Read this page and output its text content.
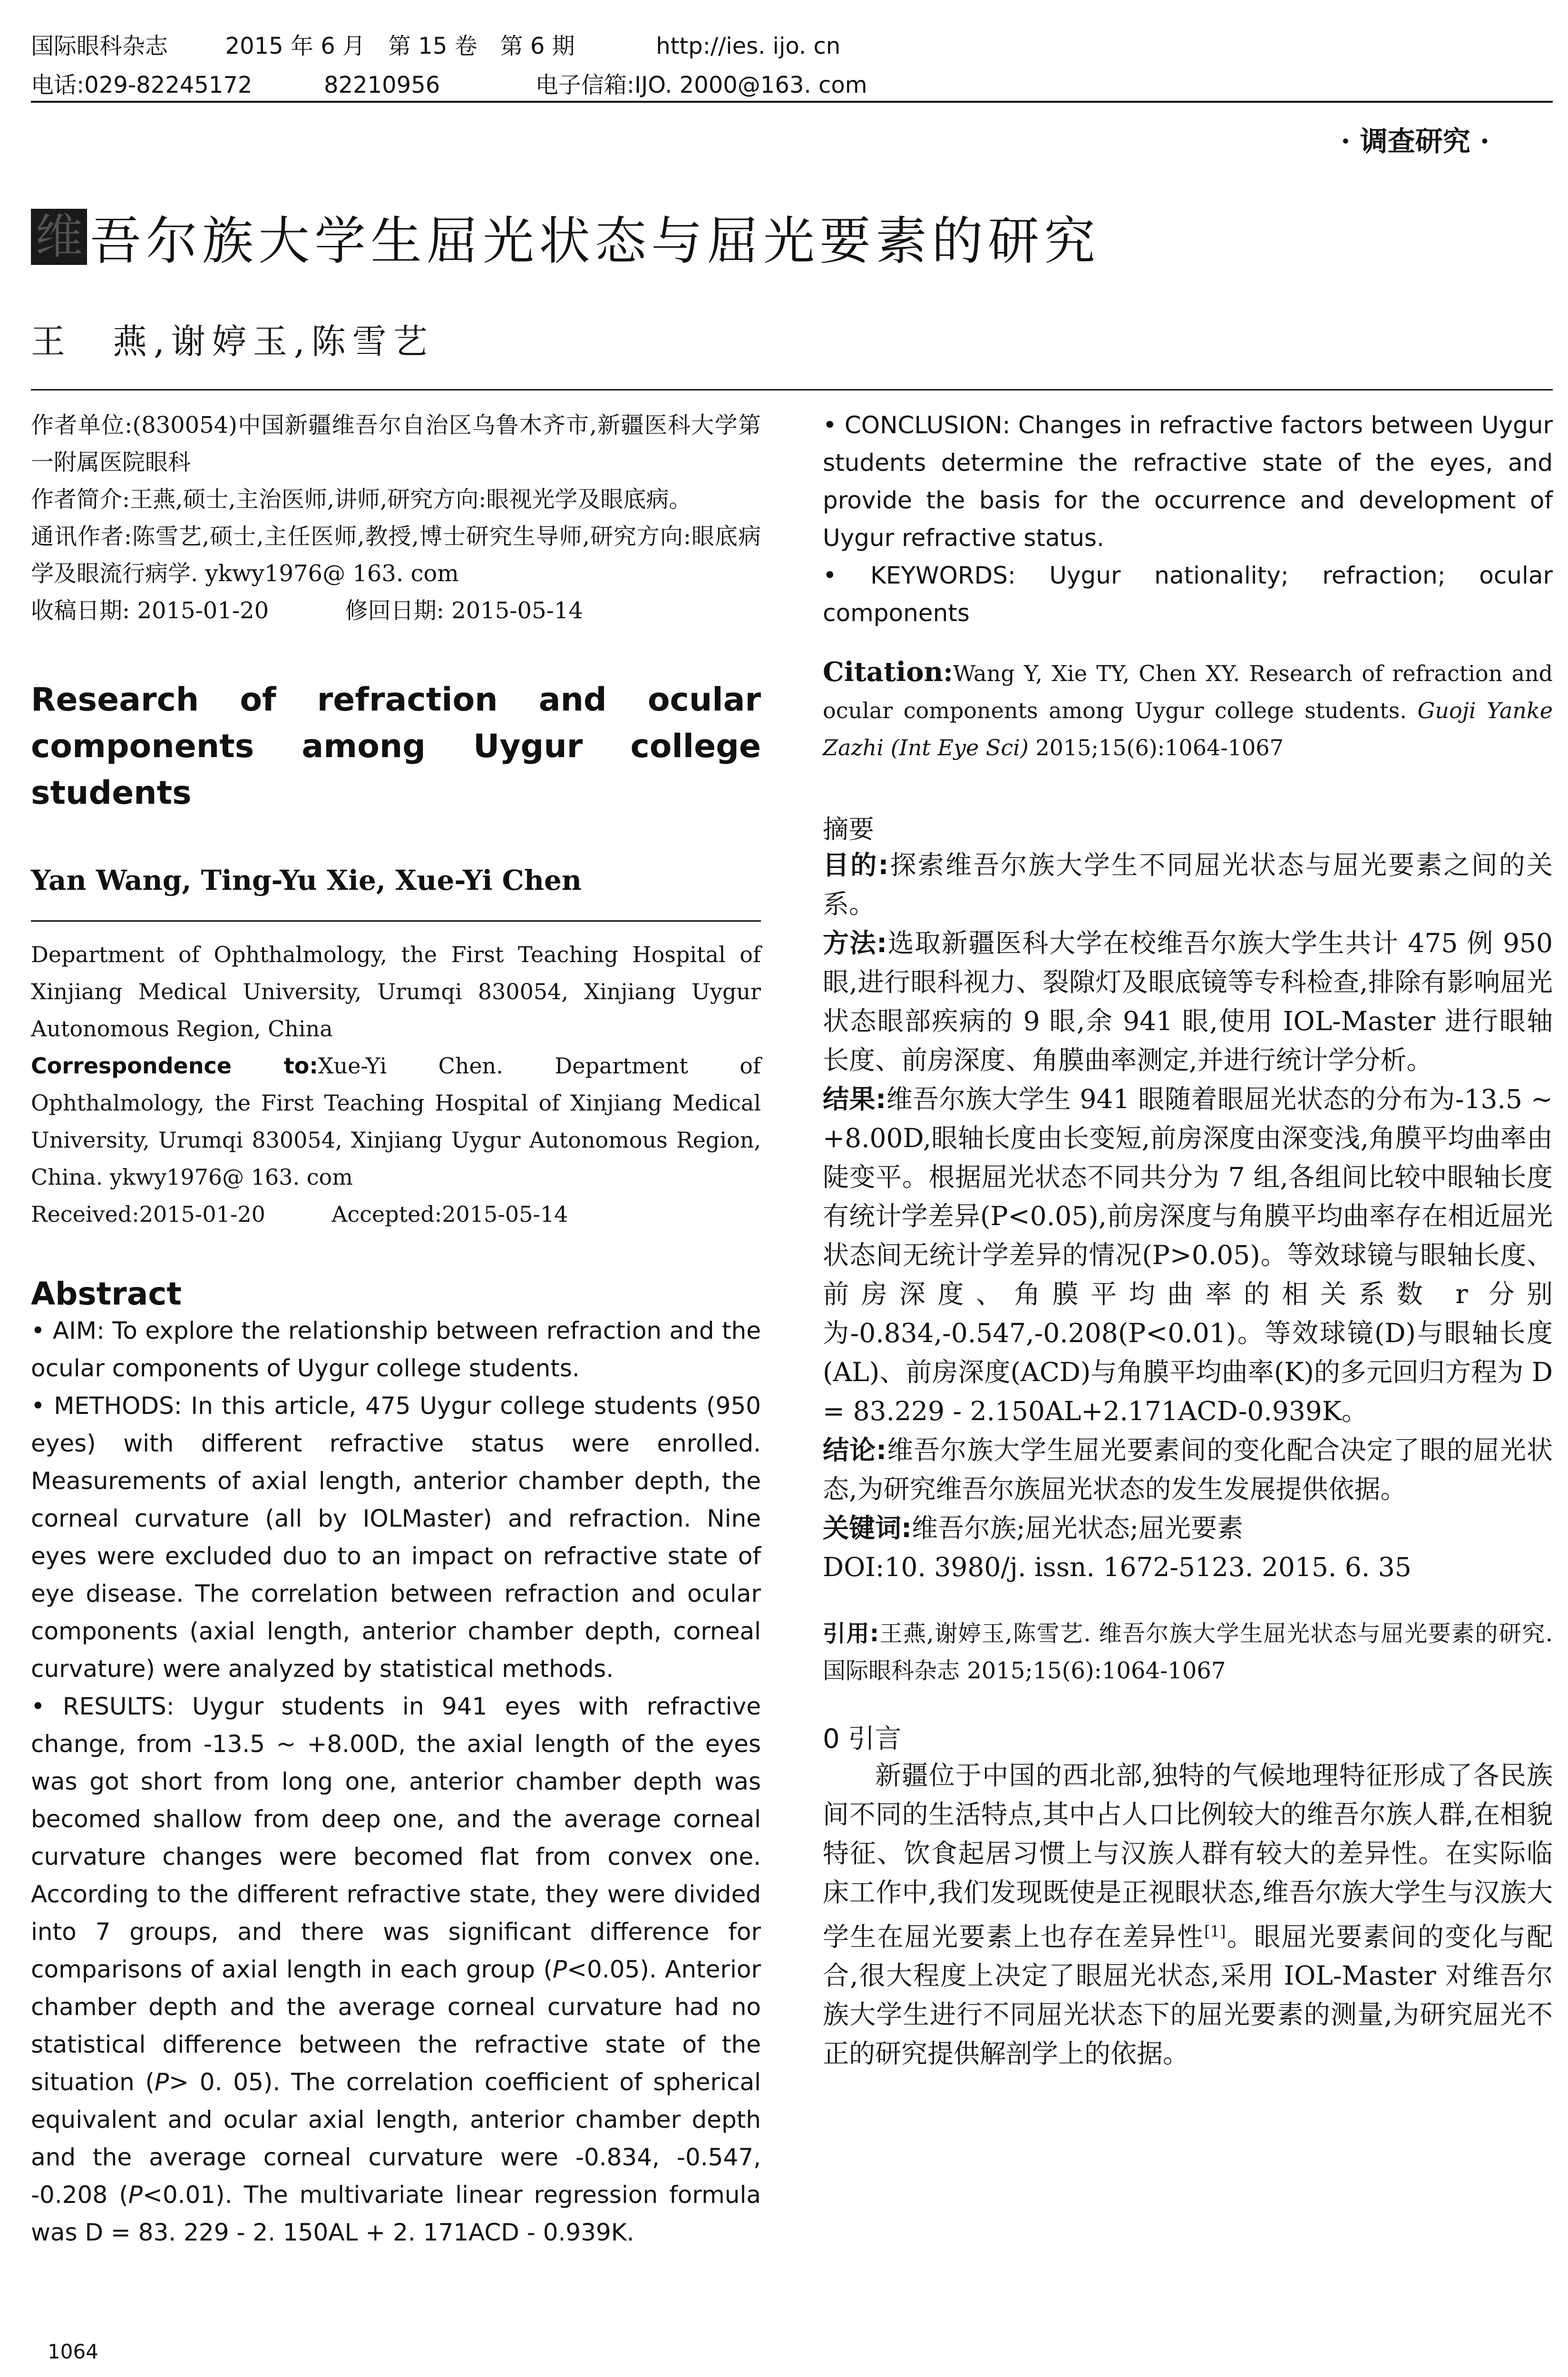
国际眼科杂志	2015 年 6 月　第 15 卷　第 6 期	http://ies. ijo. cn
电话:029-82245172	82210956	电子信箱:IJO. 2000@163. com
· 调查研究 ·
维 吾尔族大学生屈光状态与屈光要素的研究
王　燕,谢婷玉,陈雪艺

作者单位:(830054)中国新疆维吾尔自治区乌鲁木齐市,新疆医科大学第一附属医院眼科

作者简介:王燕,硕士,主治医师,讲师,研究方向:眼视光学及眼底病。

通讯作者:陈雪艺,硕士,主任医师,教授,博士研究生导师,研究方向:眼底病学及眼流行病学. ykwy1976@ 163. com

收稿日期: 2015-01-20	修回日期: 2015-05-14

Research of refraction and ocular components among Uygur college students

Yan Wang, Ting-Yu Xie, Xue-Yi Chen

Department of Ophthalmology, the First Teaching Hospital of Xinjiang Medical University, Urumqi 830054, Xinjiang Uygur Autonomous Region, China

Correspondence to:Xue-Yi Chen. Department of Ophthalmology, the First Teaching Hospital of Xinjiang Medical University, Urumqi 830054, Xinjiang Uygur Autonomous Region, China. ykwy1976@ 163. com

Received:2015-01-20	Accepted:2015-05-14

Abstract

• AIM: To explore the relationship between refraction and the ocular components of Uygur college students.

• METHODS: In this article, 475 Uygur college students (950 eyes) with different refractive status were enrolled. Measurements of axial length, anterior chamber depth, the corneal curvature (all by IOLMaster) and refraction. Nine eyes were excluded duo to an impact on refractive state of eye disease. The correlation between refraction and ocular components (axial length, anterior chamber depth, corneal curvature) were analyzed by statistical methods.

• RESULTS: Uygur students in 941 eyes with refractive change, from -13.5 ~ +8.00D, the axial length of the eyes was got short from long one, anterior chamber depth was becomed shallow from deep one, and the average corneal curvature changes were becomed flat from convex one. According to the different refractive state, they were divided into 7 groups, and there was significant difference for comparisons of axial length in each group (P<0.05). Anterior chamber depth and the average corneal curvature had no statistical difference between the refractive state of the situation (P> 0. 05). The correlation coefficient of spherical equivalent and ocular axial length, anterior chamber depth and the average corneal curvature were -0.834, -0.547, -0.208 (P<0.01). The multivariate linear regression formula was D = 83. 229 - 2. 150AL + 2. 171ACD - 0.939K.

• CONCLUSION: Changes in refractive factors between Uygur students determine the refractive state of the eyes, and provide the basis for the occurrence and development of Uygur refractive status.

• KEYWORDS: Uygur nationality; refraction; ocular components

Citation:Wang Y, Xie TY, Chen XY. Research of refraction and ocular components among Uygur college students. Guoji Yanke Zazhi (Int Eye Sci) 2015;15(6):1064-1067

摘要

目的:探索维吾尔族大学生不同屈光状态与屈光要素之间的关系。

方法:选取新疆医科大学在校维吾尔族大学生共计 475 例 950 眼,进行眼科视力、裂隙灯及眼底镜等专科检查,排除有影响屈光状态眼部疾病的 9 眼,余 941 眼,使用 IOL-Master 进行眼轴长度、前房深度、角膜曲率测定,并进行统计学分析。

结果:维吾尔族大学生 941 眼随着眼屈光状态的分布为-13.5 ~ +8.00D,眼轴长度由长变短,前房深度由深变浅,角膜平均曲率由陡变平。根据屈光状态不同共分为 7 组,各组间比较中眼轴长度有统计学差异(P<0.05),前房深度与角膜平均曲率存在相近屈光状态间无统计学差异的情况(P>0.05)。等效球镜与眼轴长度、前房深度、角膜平均曲率的相关系数 r 分别为-0.834,-0.547,-0.208(P<0.01)。等效球镜(D)与眼轴长度(AL)、前房深度(ACD)与角膜平均曲率(K)的多元回归方程为 D = 83.229 - 2.150AL+2.171ACD-0.939K。

结论:维吾尔族大学生屈光要素间的变化配合决定了眼的屈光状态,为研究维吾尔族屈光状态的发生发展提供依据。

关键词:维吾尔族;屈光状态;屈光要素

DOI:10. 3980/j. issn. 1672-5123. 2015. 6. 35

引用:王燕,谢婷玉,陈雪艺. 维吾尔族大学生屈光状态与屈光要素的研究. 国际眼科杂志 2015;15(6):1064-1067

0 引言

新疆位于中国的西北部,独特的气候地理特征形成了各民族间不同的生活特点,其中占人口比例较大的维吾尔族人群,在相貌特征、饮食起居习惯上与汉族人群有较大的差异性。在实际临床工作中,我们发现既使是正视眼状态,维吾尔族大学生与汉族大学生在屈光要素上也存在差异性[1]。眼屈光要素间的变化与配合,很大程度上决定了眼屈光状态,采用 IOL-Master 对维吾尔族大学生进行不同屈光状态下的屈光要素的测量,为研究屈光不正的研究提供解剖学上的依据。

1064
